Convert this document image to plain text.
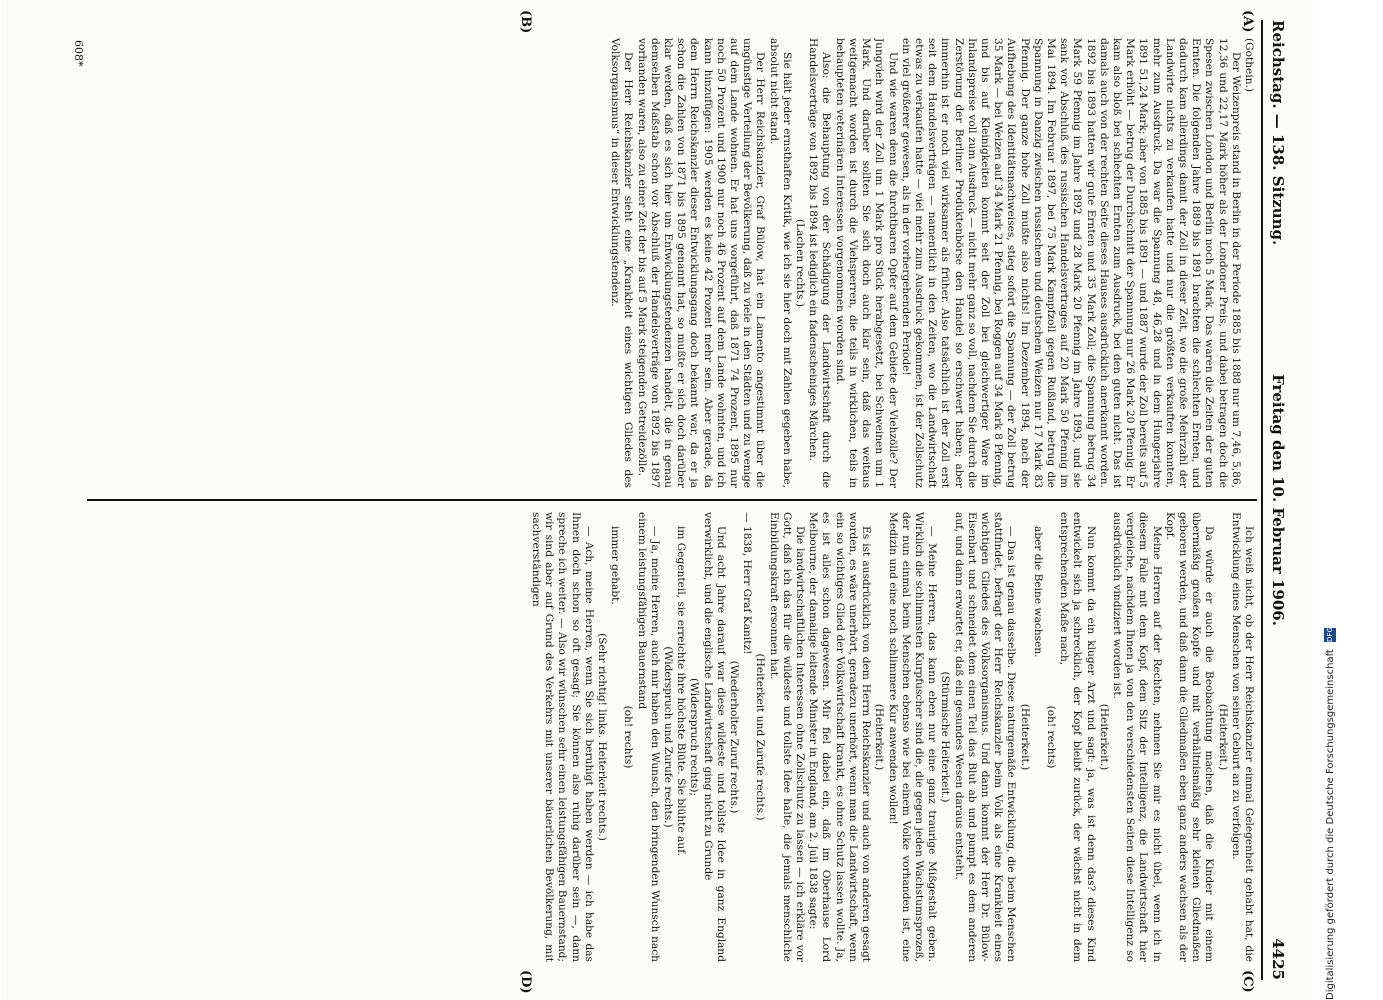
Reichstag. — 138. Sitzung.
Freitag den 10. Februar 1906.
4425
(A)
(B)
(C)
(D)

(Gothein.)

Der Weizenpreis stand in Berlin in der Periode 1885 bis 1888 nur um 7,46, 5,86, 12,36 und 22,17 Mark höher als der Londoner Preis, und dabei betragen doch die Spesen zwischen London und Berlin noch 5 Mark. Das waren die Zeiten der guten Ernten. Die folgenden Jahre 1889 bis 1891 brachten die schlechten Ernten, und dadurch kam allerdings damit der Zoll in dieser Zeit, wo die große Mehrzahl der Landwirte nichts zu verkaufen hatte und nur die größten verkauften konnten, mehr zum Ausdruck. Da war die Spannung 48, 46,28 und in dem Hungerjahre 1891 51,24 Mark; aber von 1885 bis 1891 — und 1887 wurde der Zoll bereits auf 5 Mark erhöht — betrug der Durchschnitt der Spannung nur 26 Mark 20 Pfennig. Er kam also bloß bei schlechten Ernten zum Ausdruck, bei den guten nicht. Das ist damals auch von der rechten Seite dieses Hauses ausdrücklich anerkannt worden. 1892 bis 1893 hatten wir gute Ernten und 35 Mark Zoll; die Spannung betrug 34 Mark 59 Pfennig im Jahre 1892 und 28 Mark 20 Pfennig im Jahre 1893, und sie sank vor Abschluß des russischen Handelsvertrages auf 20 Mark 50 Pfennig im Mai 1894. Im Februar 1897, bei 75 Mark Kampfzoll gegen Rußland, betrug die Spannung in Danzig zwischen russischem und deutschem Weizen nur 17 Mark 83 Pfennig. Der ganze hohe Zoll mußte also nichts! Im Dezember 1894, nach der Aufhebung des Identitätsnachweises, stieg sofort die Spannung — der Zoll betrug 35 Mark — bei Weizen auf 34 Mark 21 Pfennig, bei Roggen auf 34 Mark 8 Pfennig, und bis auf Kleinigkeiten kommt seit der Zoll bei gleichwertiger Ware im Inlandspreise voll zum Ausdruck — nicht mehr ganz so voll, nachdem Sie durch die Zerstörung der Berliner Produktenbörse den Handel so erschwert haben; aber immerhin ist er noch viel wirksamer als früher. Also tatsächlich ist der Zoll erst seit dem Handelsverträgen — namentlich in den Zeiten, wo die Landwirtschaft etwas zu verkaufen hatte — viel mehr zum Ausdruck gekommen, ist der Zollschutz ein viel größerer gewesen, als in der vorhergehenden Periode!

Und wie waren denn die furchtbaren Opfer auf dem Gebiete der Viehzölle? Der Jungvieh wird der Zoll um 1 Mark pro Stück herabgesetzt, bei Schweinen um 1 Mark. Und darüber sollten Sie sich doch auch klar sein, daß das weitaus weitgemacht worden ist durch die Viehsperren, die teils in wirklichen, teils in behaupteten veterinären Interessen vorgenommen worden sind.

Also: die Behauptung von der Schädigung der Landwirtschaft durch die Handelsverträge von 1892 bis 1894 ist lediglich ein fadenscheiniges Märchen.

(Lachen rechts.)

Sie hält jeder ernsthaften Kritik, wie ich sie hier doch mit Zahlen gegeben habe, absolut nicht stand.

Der Herr Reichskanzler, Graf Bülow, hat ein Lamento angestimmt über die ungünstige Verteilung der Bevölkerung, daß zu viele in den Städten und zu wenige auf dem Lande wohnen. Er hat uns vorgeführt, daß 1871 74 Prozent, 1895 nur noch 50 Prozent und 1900 nur noch 46 Prozent auf dem Lande wohnten, und ich kann hinzufügen: 1905 werden es keine 42 Prozent mehr sein. Aber gerade, da dem Herrn Reichskanzler dieser Entwicklungsgang doch bekannt war, da er ja schon die Zahlen von 1871 bis 1895 genannt hat, so mußte er sich doch darüber klar werden, daß es sich hier um Entwicklungstendenzen handelt, die in genau demselben Maßstab schon vor Abschluß der Handelsverträge von 1892 bis 1897 vorhanden waren, also zu einer Zeit der bis auf 5 Mark steigenden Getreidezölle.

Der Herr Reichskanzler sieht eine „Krankheit eines wichtigen Gliedes des Volksorganismus“ in dieser Entwicklungstendenz.

Ich weiß nicht, ob der Herr Reichskanzler einmal Gelegenheit gehabt hat, die Entwicklung eines Menschen von seiner Geburt an zu verfolgen.

(Heiterkeit.)

Da würde er auch die Beobachtung machen, daß die Kinder mit einem übermäßig großen Kopfe und mit verhältnismäßig sehr kleinen Gliedmaßen geboren werden, und daß dann die Gliedmaßen eben ganz anders wachsen als der Kopf.

Meine Herren auf der Rechten, nehmen Sie mir es nicht übel, wenn ich in diesem Falle mit dem Kopf, dem Sitz der Intelligenz, die Landwirtschaft hier vergleiche, nachdem Ihnen ja von den verschiedensten Seiten diese Intelligenz so ausdrücklich vindiziert worden ist.

(Heiterkeit.)

Nun kommt da ein kluger Arzt und sagt: ja, was ist denn das? dieses Kind entwickelt sich ja schrecklich, der Kopf bleibt zurück, der wächst nicht in dem entsprechenden Maße nach,

(oh! rechts)

aber die Beine wachsen.

(Heiterkeit.)

— Das ist genau dasselbe. Diese naturgemäße Entwicklung, die beim Menschen stattfindet, befragt der Herr Reichskanzler beim Volk als eine Krankheit eines wichtigen Gliedes des Volksorganismus. Und dann kommt der Herr Dr. Bülow-Eisenbart und schneidet dem einen Teil das Blut ab und pumpt es dem anderen auf, und dann erwartet er, daß ein gesundes Wesen daraus entsteht.

(Stürmische Heiterkeit.)

— Meine Herren, das kann eben nur eine ganz traurige Mißgestalt geben. Wirklich die schlimmsten Kurpfuscher sind die, die gegen jeden Wachstumsprozeß, der nun einmal beim Menschen ebenso wie bei einem Volke vorhanden ist, eine Medizin und eine noch schlimmere Kur anwenden wollen!

(Heiterkeit.)

Es ist ausdrücklich von dem Herrn Reichskanzler und auch von anderen gesagt worden, es wäre unerhört, geradezu unerhört, wenn man die Landwirtschaft, wenn ein so wichtiges Glied der Volkswirtschaft krankt, es ohne Schutz lassen wollte. Ja, es ist alles schon dagewesen. Mir fiel dabei ein, daß im Oberhause Lord Melbourne, der damalige leitende Minister in England, am 2. Juli 1838 sagte:

Die landwirtschaftlichen Interessen ohne Zollschutz zu lassen — ich erkläre vor Gott, daß ich das für die wildeste und tollste Idee halte, die jemals menschliche Einbildungskraft ersonnen hat.

(Heiterkeit und Zurufe rechts.)

— 1838, Herr Graf Kanitz!

(Wiederholter Zuruf rechts.)

Und acht Jahre darauf war diese wildeste und tollste Idee in ganz England verwirklicht, und die englische Landwirtschaft ging nicht zu Grunde

(Widerspruch rechts);

im Gegenteil, sie erreichte ihre höchste Blüte. Sie blühte auf.

(Widerspruch und Zurufe rechts.)

— Ja, meine Herren, auch mir haben den Wunsch, den bringenden Wunsch nach einem leistungsfähigen Bauernstand

(oh! rechts)

immer gehabt.

(Sehr richtig! links. Heiterkeit rechts.)

— Ach, meine Herren, wenn Sie sich beruhigt haben werden — ich habe das Ihnen doch schon so oft gesagt; Sie können also ruhig darüber sein —, dann spreche ich weiter. — Also wir wünschen sehr einen leistungsfähigen Bauernstand; wir sind aber auf Grund des Verkehrs mit unserer bäuerlichen Bevölkerung, mit sachverständigen

608*
Digitalisierung gefördert durch die Deutsche Forschungsgemeinschaft DFG
